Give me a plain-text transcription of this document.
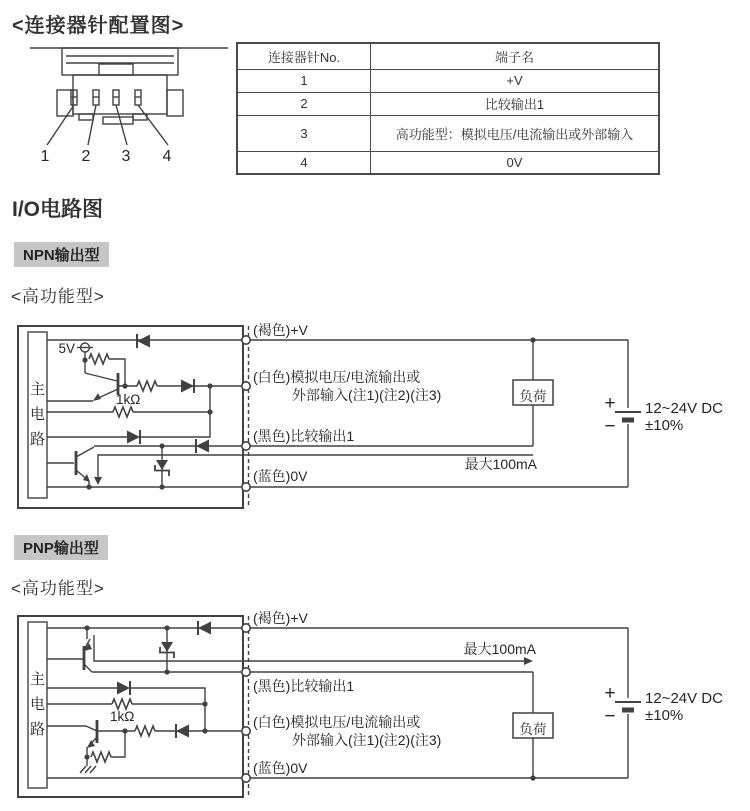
<连接器针配置图>
I/O电路图
NPN输出型
<高功能型>
PNP输出型
<高功能型>
连接器针No.	端子名
1	+V
2	比较输出1
3	高功能型：模拟电压/电流输出或外部输入
4	0V
1 2 3 4
主
电
路
1kΩ	负荷	+
−
12~24V DC
±10%
5V
(褐色)+V
(白色)模拟电压/电流输出或
外部输入(注1)(注2)(注3)
(黑色)比较输出1
最大100mA
(蓝色)0V
主
电
路
1kΩ
负荷
+
−
12~24V DC
±10%
(褐色)+V
最大100mA
(黑色)比较输出1
(白色)模拟电压/电流输出或
外部输入(注1)(注2)(注3)
(蓝色)0V
